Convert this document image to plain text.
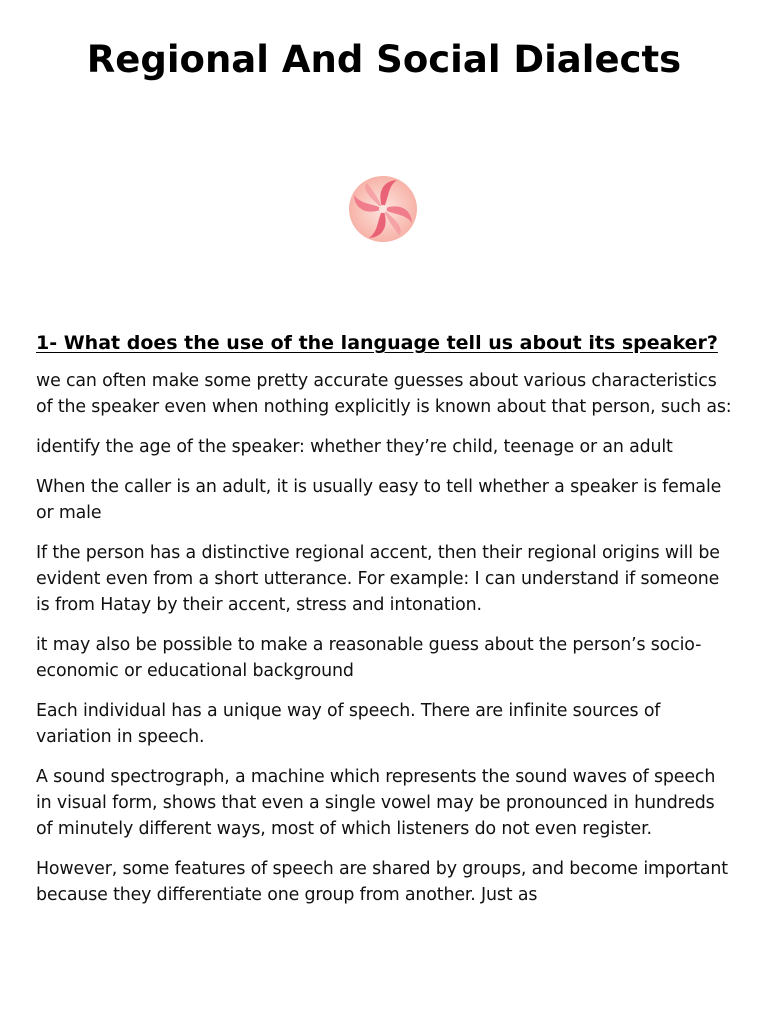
Regional And Social Dialects

1- What does the use of the language tell us about its speaker?

we can often make some pretty accurate guesses about various characteristics of the speaker even when nothing explicitly is known about that person, such as:

identify the age of the speaker: whether they’re child, teenage or an adult

When the caller is an adult, it is usually easy to tell whether a speaker is female or male

If the person has a distinctive regional accent, then their regional origins will be evident even from a short utterance. For example: I can understand if someone is from Hatay by their accent, stress and intonation.

it may also be possible to make a reasonable guess about the person’s socio-economic or educational background

Each individual has a unique way of speech. There are infinite sources of variation in speech.

A sound spectrograph, a machine which represents the sound waves of speech in visual form, shows that even a single vowel may be pronounced in hundreds of minutely different ways, most of which listeners do not even register.

However, some features of speech are shared by groups, and become important because they differentiate one group from another. Just as
